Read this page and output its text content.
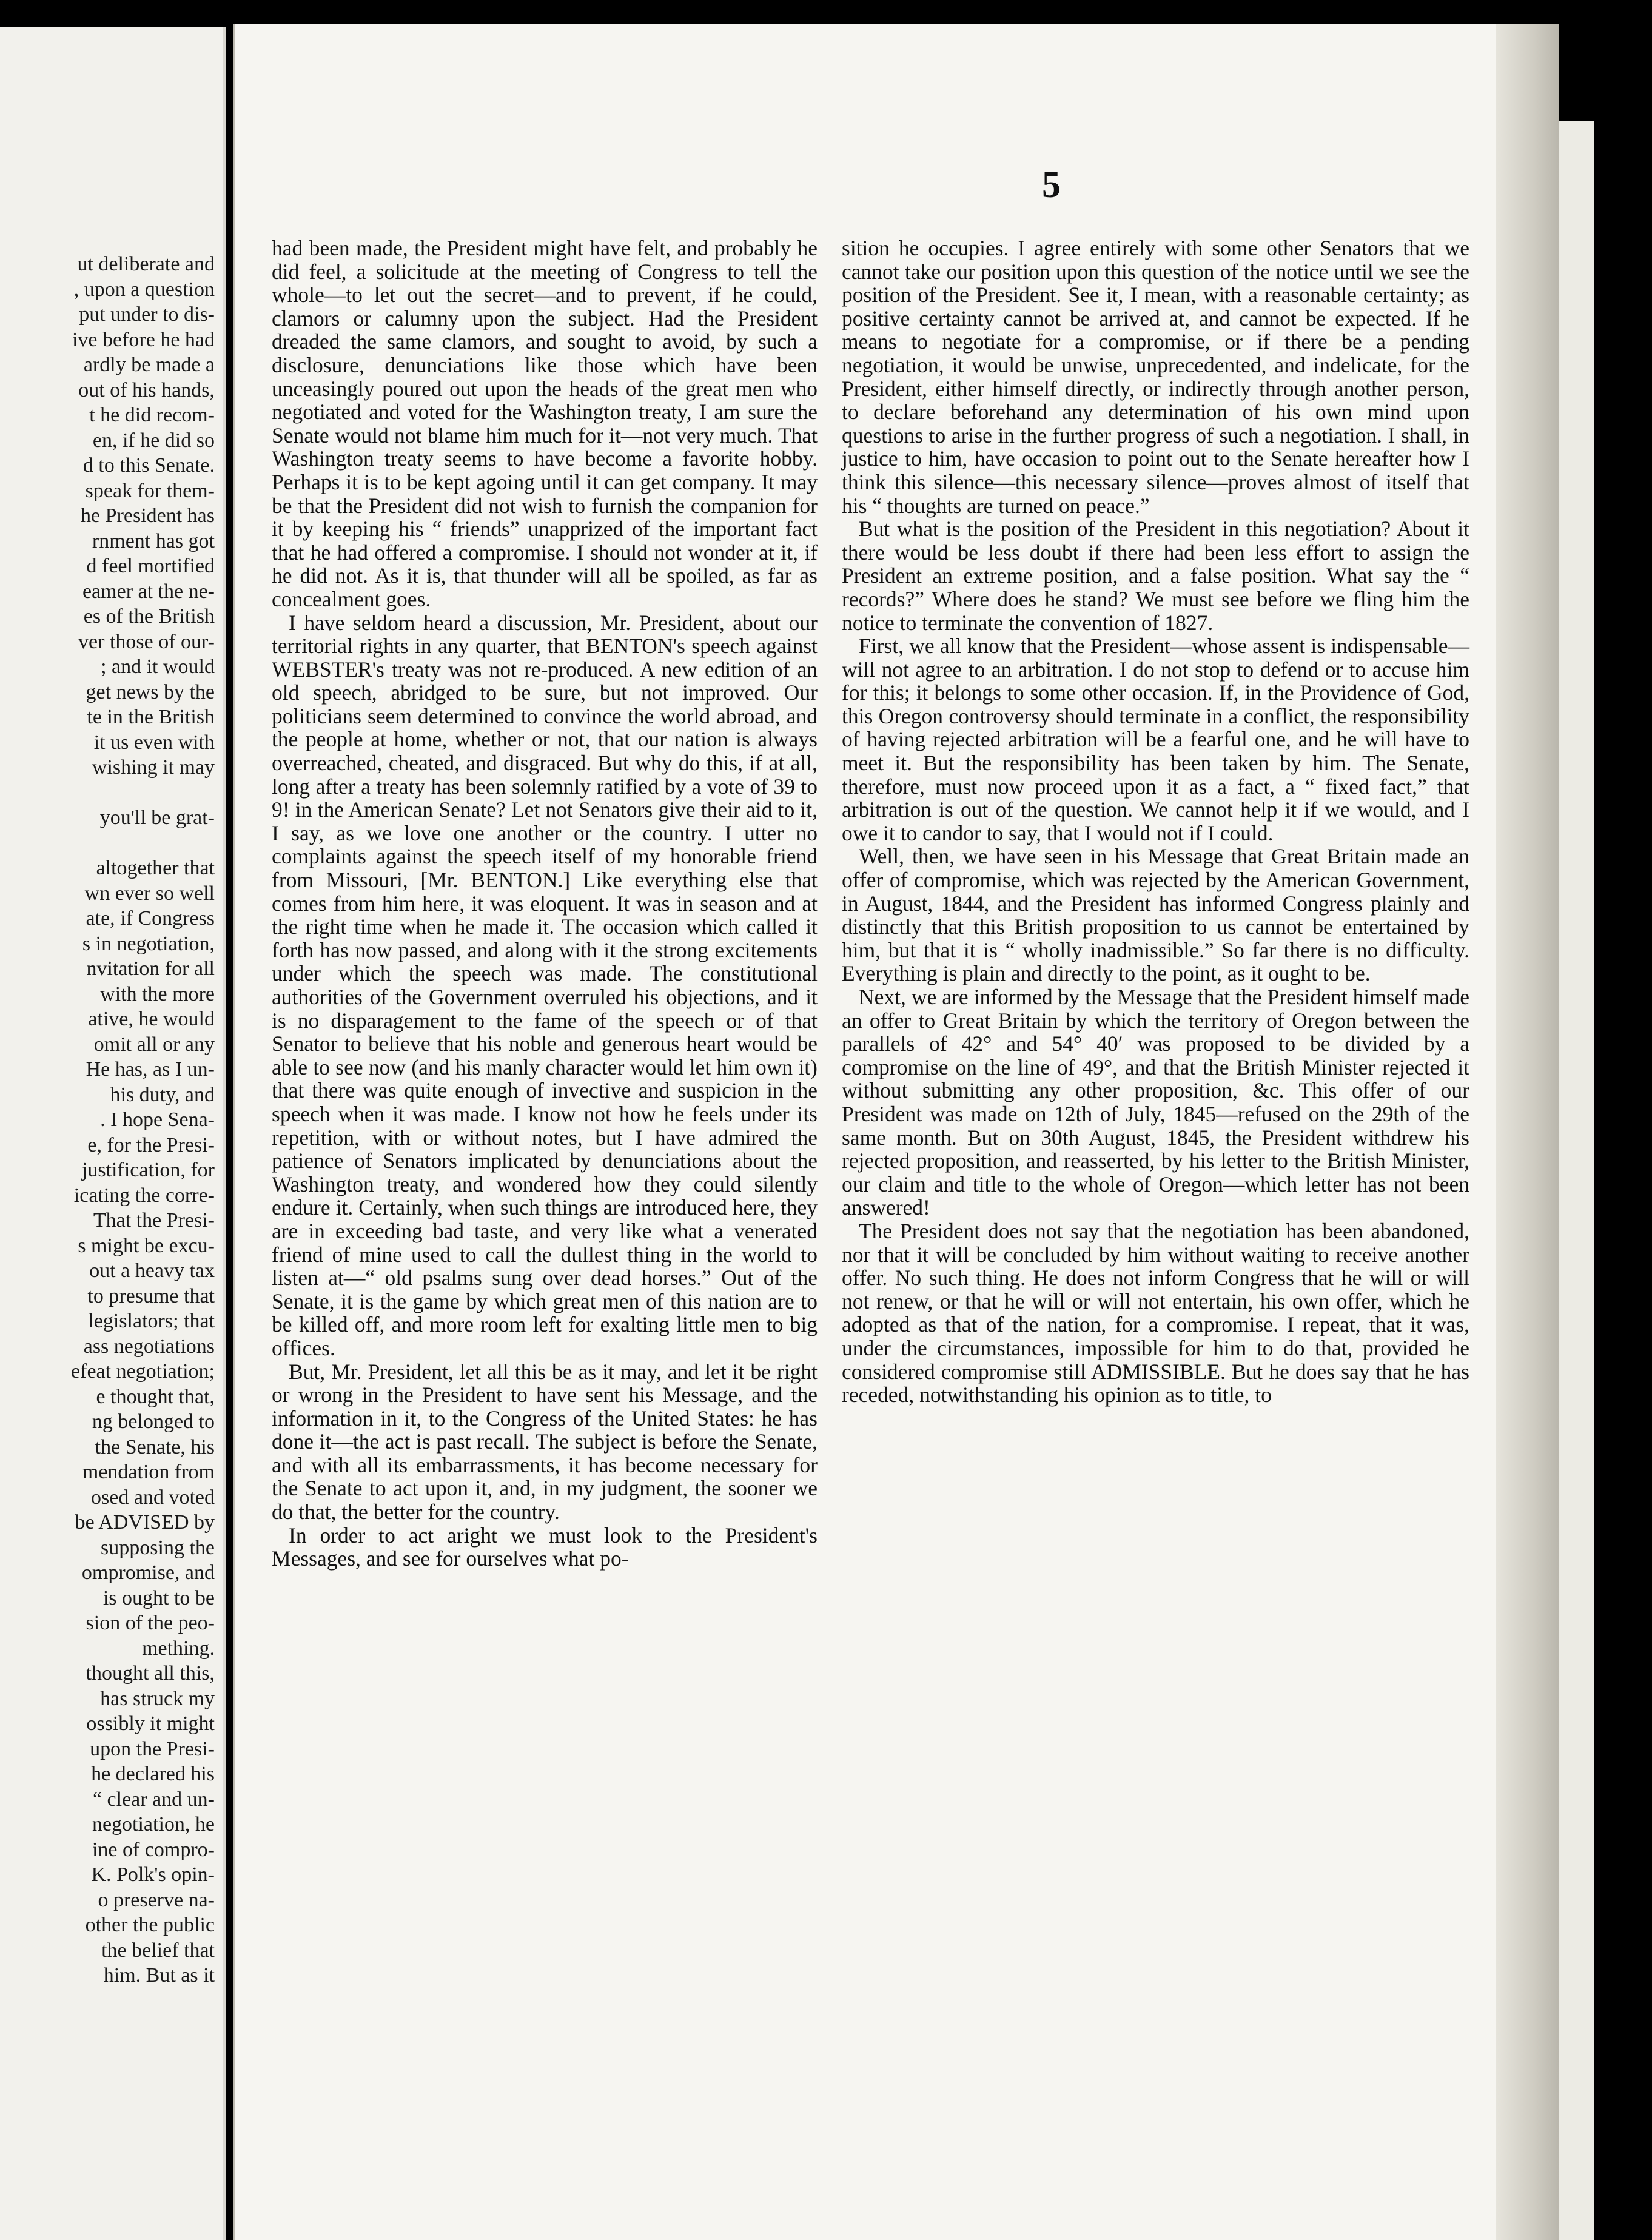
ut deliberate and
, upon a question
put under to dis-
ive before he had
ardly be made a
out of his hands,
t he did recom-
en, if he did so
d to this Senate.
speak for them-
he President has
rnment has got
d feel mortified
eamer at the ne-
es of the British
ver those of our-
; and it would
get news by the
te in the British
it us even with
wishing it may

you'll be grat-

altogether that
wn ever so well
ate, if Congress
s in negotiation,
nvitation for all
with the more
ative, he would
omit all or any
He has, as I un-
his duty, and
. I hope Sena-
e, for the Presi-
justification, for
icating the corre-
That the Presi-
s might be excu-
out a heavy tax
to presume that
legislators; that
ass negotiations
efeat negotiation;
e thought that,
ng belonged to
the Senate, his
mendation from
osed and voted
be ADVISED by
supposing the
ompromise, and
is ought to be
sion of the peo-
mething.
thought all this,
has struck my
ossibly it might
upon the Presi-
he declared his
“ clear and un-
negotiation, he
ine of compro-
K. Polk's opin-
o preserve na-
other the public
the belief that
him. But as it
5

had been made, the President might have felt, and probably he did feel, a solicitude at the meeting of Congress to tell the whole—to let out the secret—and to prevent, if he could, clamors or calumny upon the subject. Had the President dreaded the same clamors, and sought to avoid, by such a disclosure, denunciations like those which have been unceasingly poured out upon the heads of the great men who negotiated and voted for the Washington treaty, I am sure the Senate would not blame him much for it—not very much. That Washington treaty seems to have become a favorite hobby. Perhaps it is to be kept agoing until it can get company. It may be that the President did not wish to furnish the companion for it by keeping his “ friends” unapprized of the important fact that he had offered a compromise. I should not wonder at it, if he did not. As it is, that thunder will all be spoiled, as far as concealment goes.

I have seldom heard a discussion, Mr. President, about our territorial rights in any quarter, that BENTON's speech against WEBSTER's treaty was not re-produced. A new edition of an old speech, abridged to be sure, but not improved. Our politicians seem determined to convince the world abroad, and the people at home, whether or not, that our nation is always overreached, cheated, and disgraced. But why do this, if at all, long after a treaty has been solemnly ratified by a vote of 39 to 9! in the American Senate? Let not Senators give their aid to it, I say, as we love one another or the country. I utter no complaints against the speech itself of my honorable friend from Missouri, [Mr. BENTON.] Like everything else that comes from him here, it was eloquent. It was in season and at the right time when he made it. The occasion which called it forth has now passed, and along with it the strong excitements under which the speech was made. The constitutional authorities of the Government overruled his objections, and it is no disparagement to the fame of the speech or of that Senator to believe that his noble and generous heart would be able to see now (and his manly character would let him own it) that there was quite enough of invective and suspicion in the speech when it was made. I know not how he feels under its repetition, with or without notes, but I have admired the patience of Senators implicated by denunciations about the Washington treaty, and wondered how they could silently endure it. Certainly, when such things are introduced here, they are in exceeding bad taste, and very like what a venerated friend of mine used to call the dullest thing in the world to listen at—“ old psalms sung over dead horses.” Out of the Senate, it is the game by which great men of this nation are to be killed off, and more room left for exalting little men to big offices.

But, Mr. President, let all this be as it may, and let it be right or wrong in the President to have sent his Message, and the information in it, to the Congress of the United States: he has done it—the act is past recall. The subject is before the Senate, and with all its embarrassments, it has become necessary for the Senate to act upon it, and, in my judgment, the sooner we do that, the better for the country.

In order to act aright we must look to the President's Messages, and see for ourselves what po-

sition he occupies. I agree entirely with some other Senators that we cannot take our position upon this question of the notice until we see the position of the President. See it, I mean, with a reasonable certainty; as positive certainty cannot be arrived at, and cannot be expected. If he means to negotiate for a compromise, or if there be a pending negotiation, it would be unwise, unprecedented, and indelicate, for the President, either himself directly, or indirectly through another person, to declare beforehand any determination of his own mind upon questions to arise in the further progress of such a negotiation. I shall, in justice to him, have occasion to point out to the Senate hereafter how I think this silence—this necessary silence—proves almost of itself that his “ thoughts are turned on peace.”

But what is the position of the President in this negotiation? About it there would be less doubt if there had been less effort to assign the President an extreme position, and a false position. What say the “ records?” Where does he stand? We must see before we fling him the notice to terminate the convention of 1827.

First, we all know that the President—whose assent is indispensable—will not agree to an arbitration. I do not stop to defend or to accuse him for this; it belongs to some other occasion. If, in the Providence of God, this Oregon controversy should terminate in a conflict, the responsibility of having rejected arbitration will be a fearful one, and he will have to meet it. But the responsibility has been taken by him. The Senate, therefore, must now proceed upon it as a fact, a “ fixed fact,” that arbitration is out of the question. We cannot help it if we would, and I owe it to candor to say, that I would not if I could.

Well, then, we have seen in his Message that Great Britain made an offer of compromise, which was rejected by the American Government, in August, 1844, and the President has informed Congress plainly and distinctly that this British proposition to us cannot be entertained by him, but that it is “ wholly inadmissible.” So far there is no difficulty. Everything is plain and directly to the point, as it ought to be.

Next, we are informed by the Message that the President himself made an offer to Great Britain by which the territory of Oregon between the parallels of 42° and 54° 40′ was proposed to be divided by a compromise on the line of 49°, and that the British Minister rejected it without submitting any other proposition, &c. This offer of our President was made on 12th of July, 1845—refused on the 29th of the same month. But on 30th August, 1845, the President withdrew his rejected proposition, and reasserted, by his letter to the British Minister, our claim and title to the whole of Oregon—which letter has not been answered!

The President does not say that the negotiation has been abandoned, nor that it will be concluded by him without waiting to receive another offer. No such thing. He does not inform Congress that he will or will not renew, or that he will or will not entertain, his own offer, which he adopted as that of the nation, for a compromise. I repeat, that it was, under the circumstances, impossible for him to do that, provided he considered compromise still ADMISSIBLE. But he does say that he has receded, notwithstanding his opinion as to title, to
